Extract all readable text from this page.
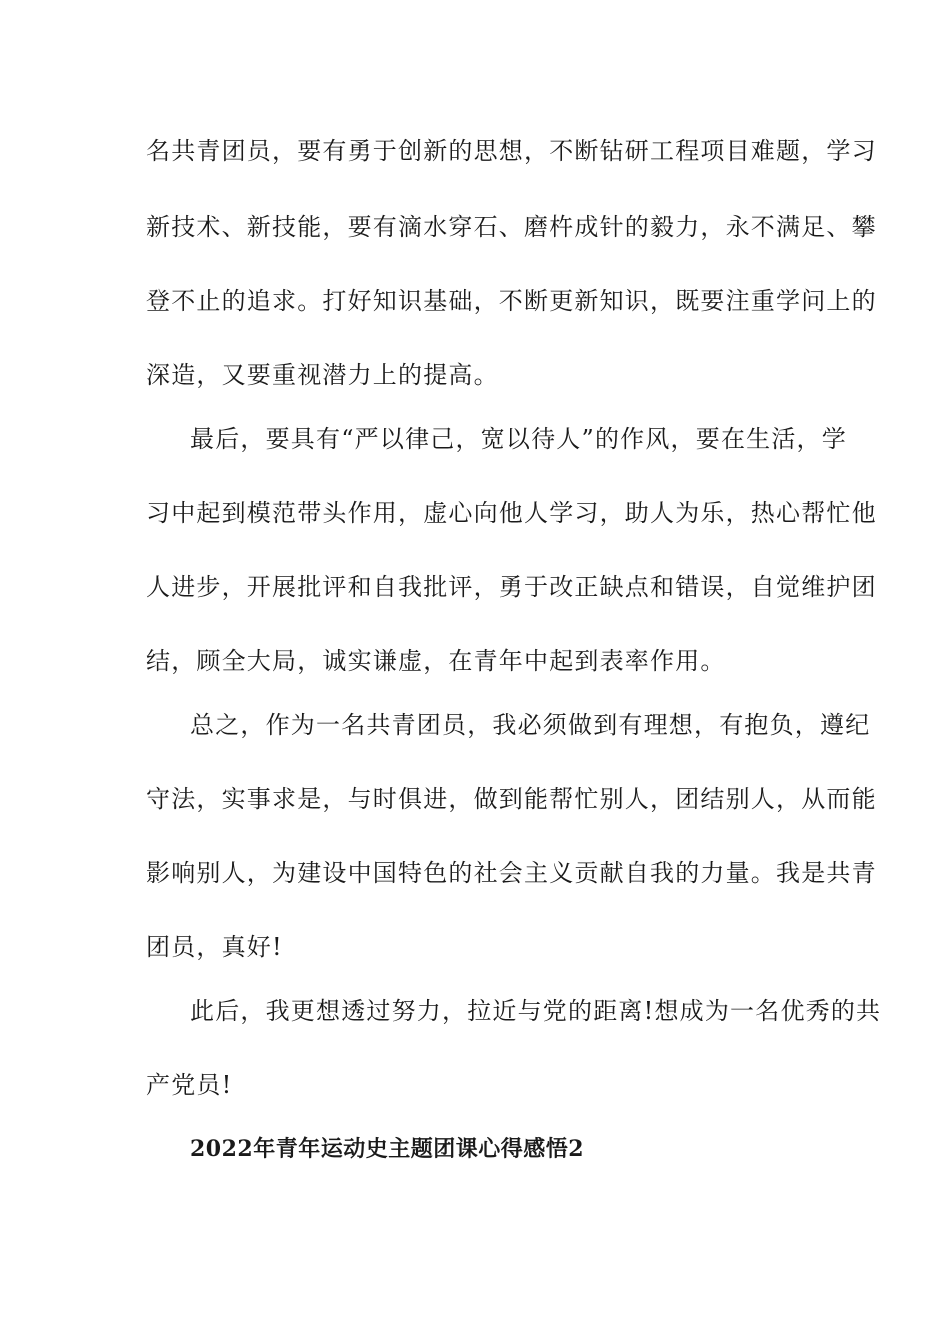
名共青团员，要有勇于创新的思想，不断钻研工程项目难题，学习
新技术、新技能，要有滴水穿石、磨杵成针的毅力，永不满足、攀
登不止的追求。打好知识基础，不断更新知识，既要注重学问上的
深造，又要重视潜力上的提高。
最后，要具有“严以律己，宽以待人”的作风，要在生活，学
习中起到模范带头作用，虚心向他人学习，助人为乐，热心帮忙他
人进步，开展批评和自我批评，勇于改正缺点和错误，自觉维护团
结，顾全大局，诚实谦虚，在青年中起到表率作用。
总之，作为一名共青团员，我必须做到有理想，有抱负，遵纪
守法，实事求是，与时俱进，做到能帮忙别人，团结别人，从而能
影响别人，为建设中国特色的社会主义贡献自我的力量。我是共青
团员，真好!
此后，我更想透过努力，拉近与党的距离!想成为一名优秀的共
产党员!
2022年青年运动史主题团课心得感悟2
